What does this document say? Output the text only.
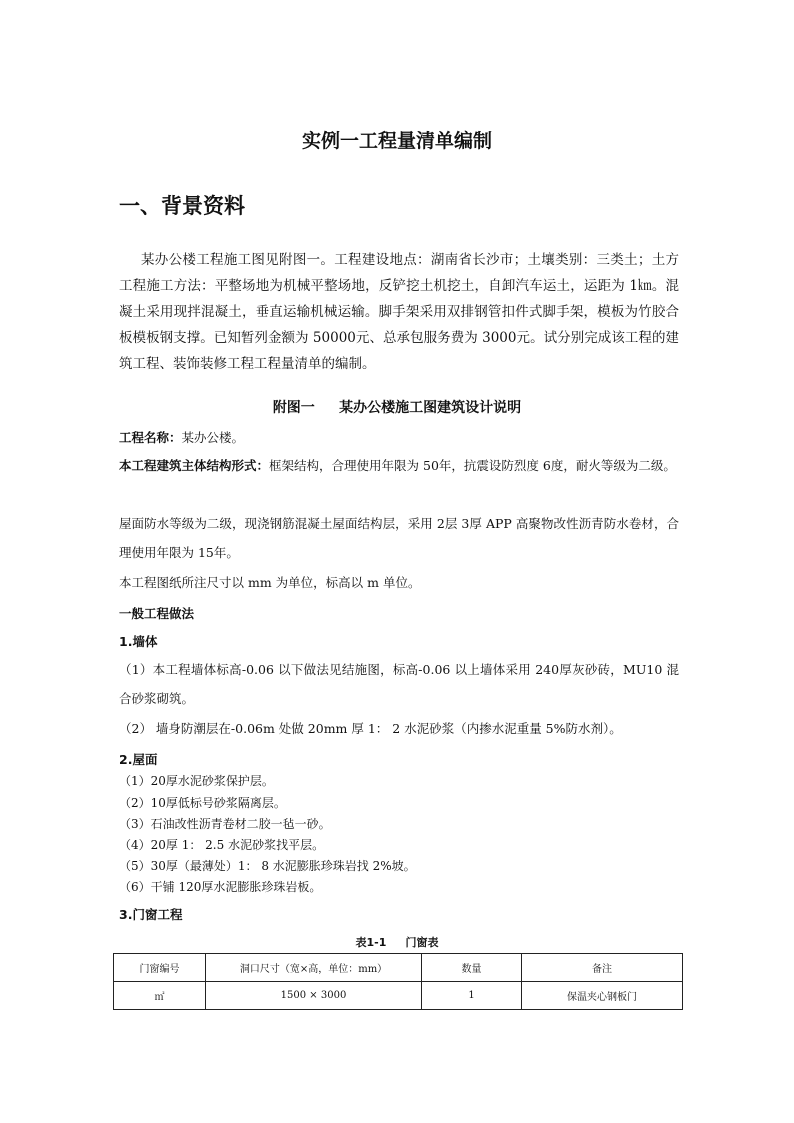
实例一工程量清单编制
一、背景资料
某办公楼工程施工图见附图一。工程建设地点：湖南省长沙市；土壤类别：三类土；土方工程施工方法：平整场地为机械平整场地，反铲挖土机挖土，自卸汽车运土，运距为 1㎞。混凝土采用现拌混凝土，垂直运输机械运输。脚手架采用双排钢管扣件式脚手架，模板为竹胶合板模板钢支撑。已知暂列金额为 50000元、总承包服务费为 3000元。试分别完成该工程的建筑工程、装饰装修工程工程量清单的编制。
附图一     某办公楼施工图建筑设计说明
工程名称：某办公楼。
本工程建筑主体结构形式：框架结构，合理使用年限为 50年，抗震设防烈度 6度，耐火等级为二级。
屋面防水等级为二级，现浇钢筋混凝土屋面结构层，采用 2层 3厚 APP 高聚物改性沥青防水卷材，合理使用年限为 15年。
本工程图纸所注尺寸以 mm 为单位，标高以 m 单位。
一般工程做法
1.墙体
（1）本工程墙体标高-0.06 以下做法见结施图，标高-0.06 以上墙体采用 240厚灰砂砖，MU10 混合砂浆砌筑。
（2） 墙身防潮层在-0.06m 处做 20mm 厚 1： 2 水泥砂浆（内掺水泥重量 5%防水剂）。
2.屋面
（1）20厚水泥砂浆保护层。
（2）10厚低标号砂浆隔离层。
（3）石油改性沥青卷材二胶一毡一砂。
（4）20厚 1： 2.5 水泥砂浆找平层。
（5）30厚（最薄处）1： 8 水泥膨胀珍珠岩找 2%坡。
（6）干铺 120厚水泥膨胀珍珠岩板。
3.门窗工程
表1-1     门窗表
门窗编号	洞口尺寸（宽×高，单位：mm）	数量	备注
㎡	1500 × 3000	1	保温夹心钢板门
